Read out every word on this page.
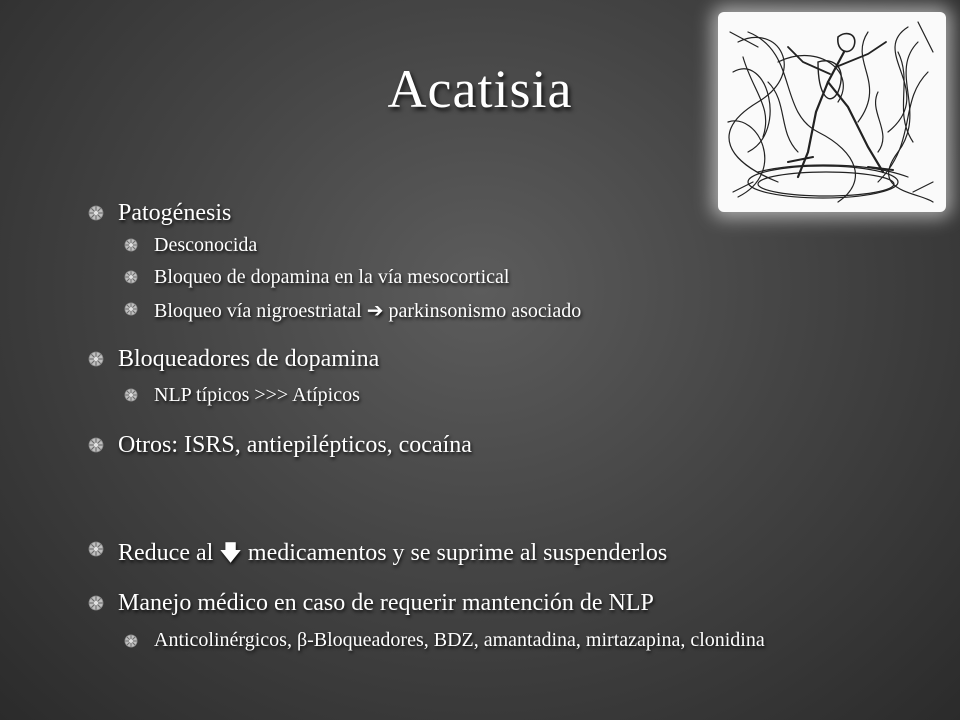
Acatisia
Patogénesis
Desconocida
Bloqueo de dopamina en la vía mesocortical
Bloqueo vía nigroestriatal ➔ parkinsonismo asociado
Bloqueadores de dopamina
NLP típicos >>> Atípicos
Otros: ISRS, antiepilépticos, cocaína
Reduce al 🡇 medicamentos y se suprime al suspenderlos
Manejo médico en caso de requerir mantención de NLP
Anticolinérgicos, β-Bloqueadores, BDZ, amantadina, mirtazapina, clonidina
